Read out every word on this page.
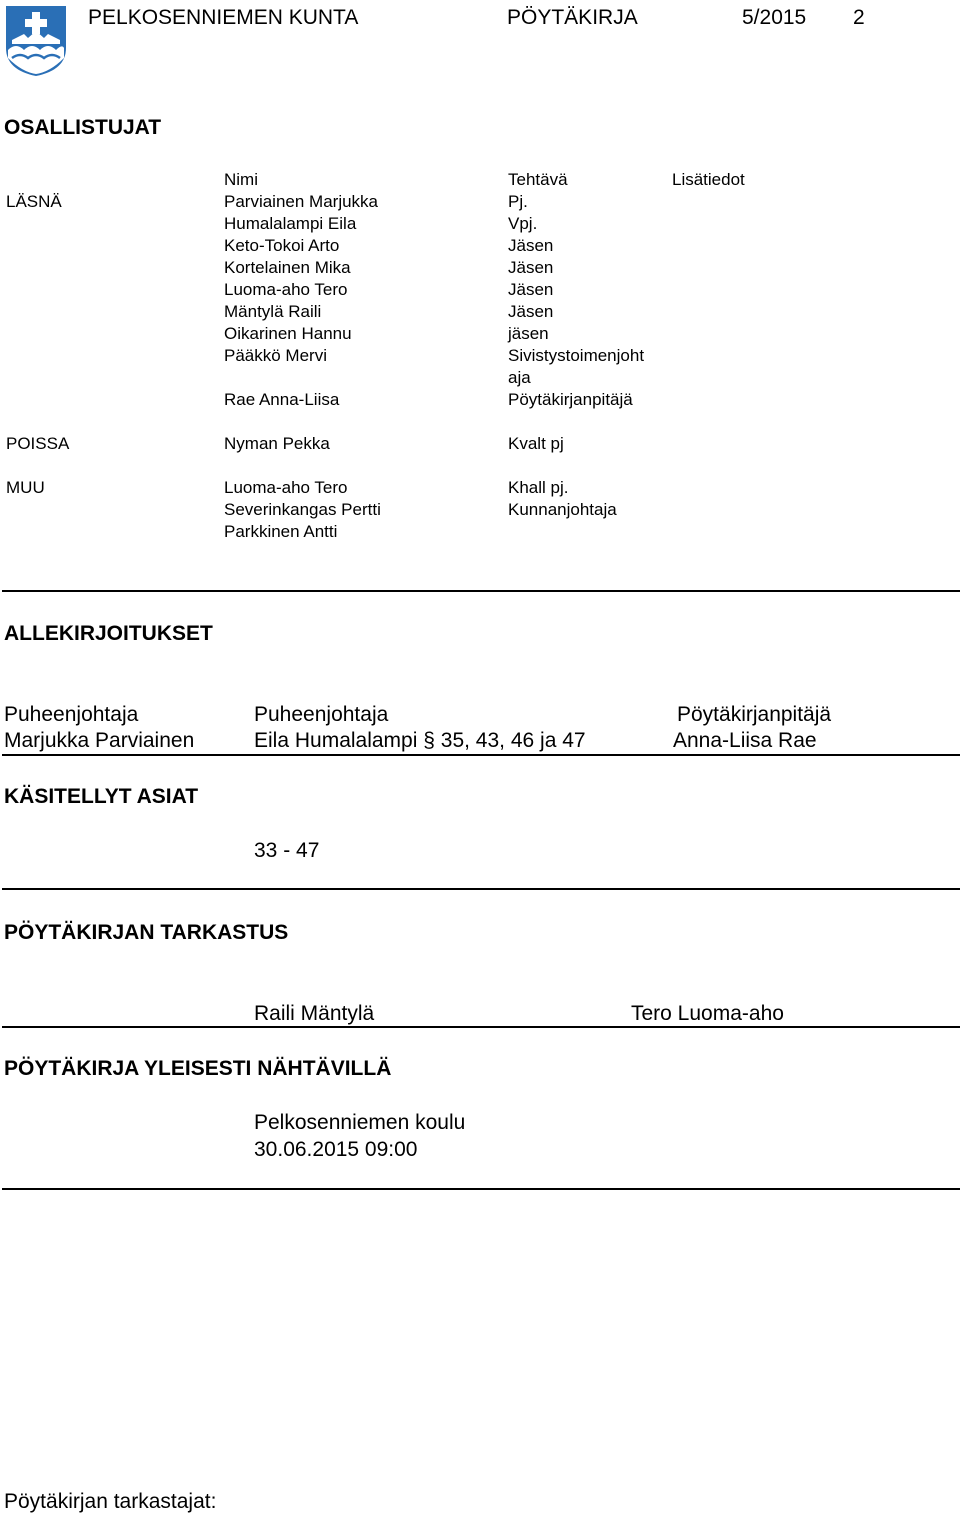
PELKOSENNIEMEN KUNTA	PÖYTÄKIRJA	5/2015 2
OSALLISTUJAT
Nimi	Tehtävä	Lisätiedot
LÄSNÄ	Parviainen Marjukka	Pj.
Humalalampi Eila	Vpj.
Keto-Tokoi Arto	Jäsen
Kortelainen Mika	Jäsen
Luoma-aho Tero	Jäsen
Mäntylä Raili	Jäsen
Oikarinen Hannu	jäsen
Pääkkö Mervi	Sivistystoimenjoht
aja
Rae Anna-Liisa	Pöytäkirjanpitäjä
POISSA	Nyman Pekka	Kvalt pj
MUU	Luoma-aho Tero	Khall pj.
Severinkangas Pertti	Kunnanjohtaja
Parkkinen Antti
ALLEKIRJOITUKSET
Puheenjohtaja	Puheenjohtaja	Pöytäkirjanpitäjä
Marjukka Parviainen	Eila Humalalampi § 35, 43, 46 ja 47	Anna-Liisa Rae
KÄSITELLYT ASIAT
33 - 47
PÖYTÄKIRJAN TARKASTUS
Raili Mäntylä	Tero Luoma-aho
PÖYTÄKIRJA YLEISESTI NÄHTÄVILLÄ
Pelkosenniemen koulu
30.06.2015 09:00
Pöytäkirjan tarkastajat:
